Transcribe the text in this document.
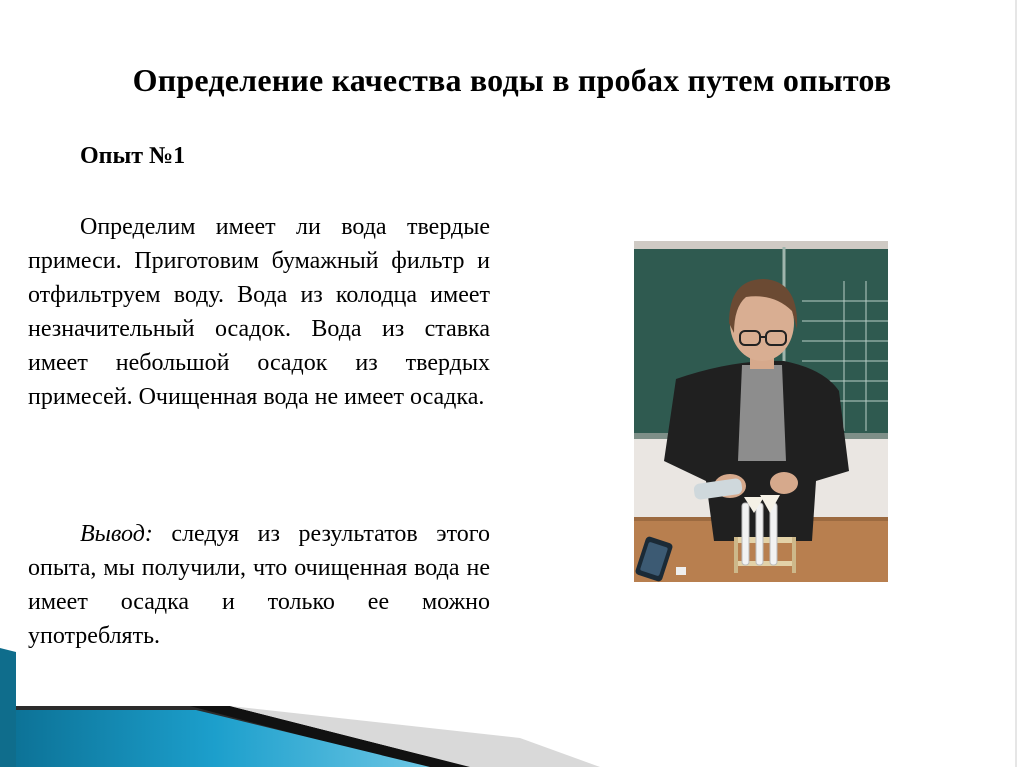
Определение качества воды в пробах путем опытов
Опыт №1

Определим имеет ли вода твердые примеси. Приготовим бумажный фильтр и отфильтруем воду. Вода из колодца имеет незначительный осадок. Вода из ставка имеет небольшой осадок из твердых примесей. Очищенная вода не имеет осадка.

Вывод: следуя из результатов этого опыта, мы получили, что очищенная вода не имеет осадка и только ее можно употреблять.
